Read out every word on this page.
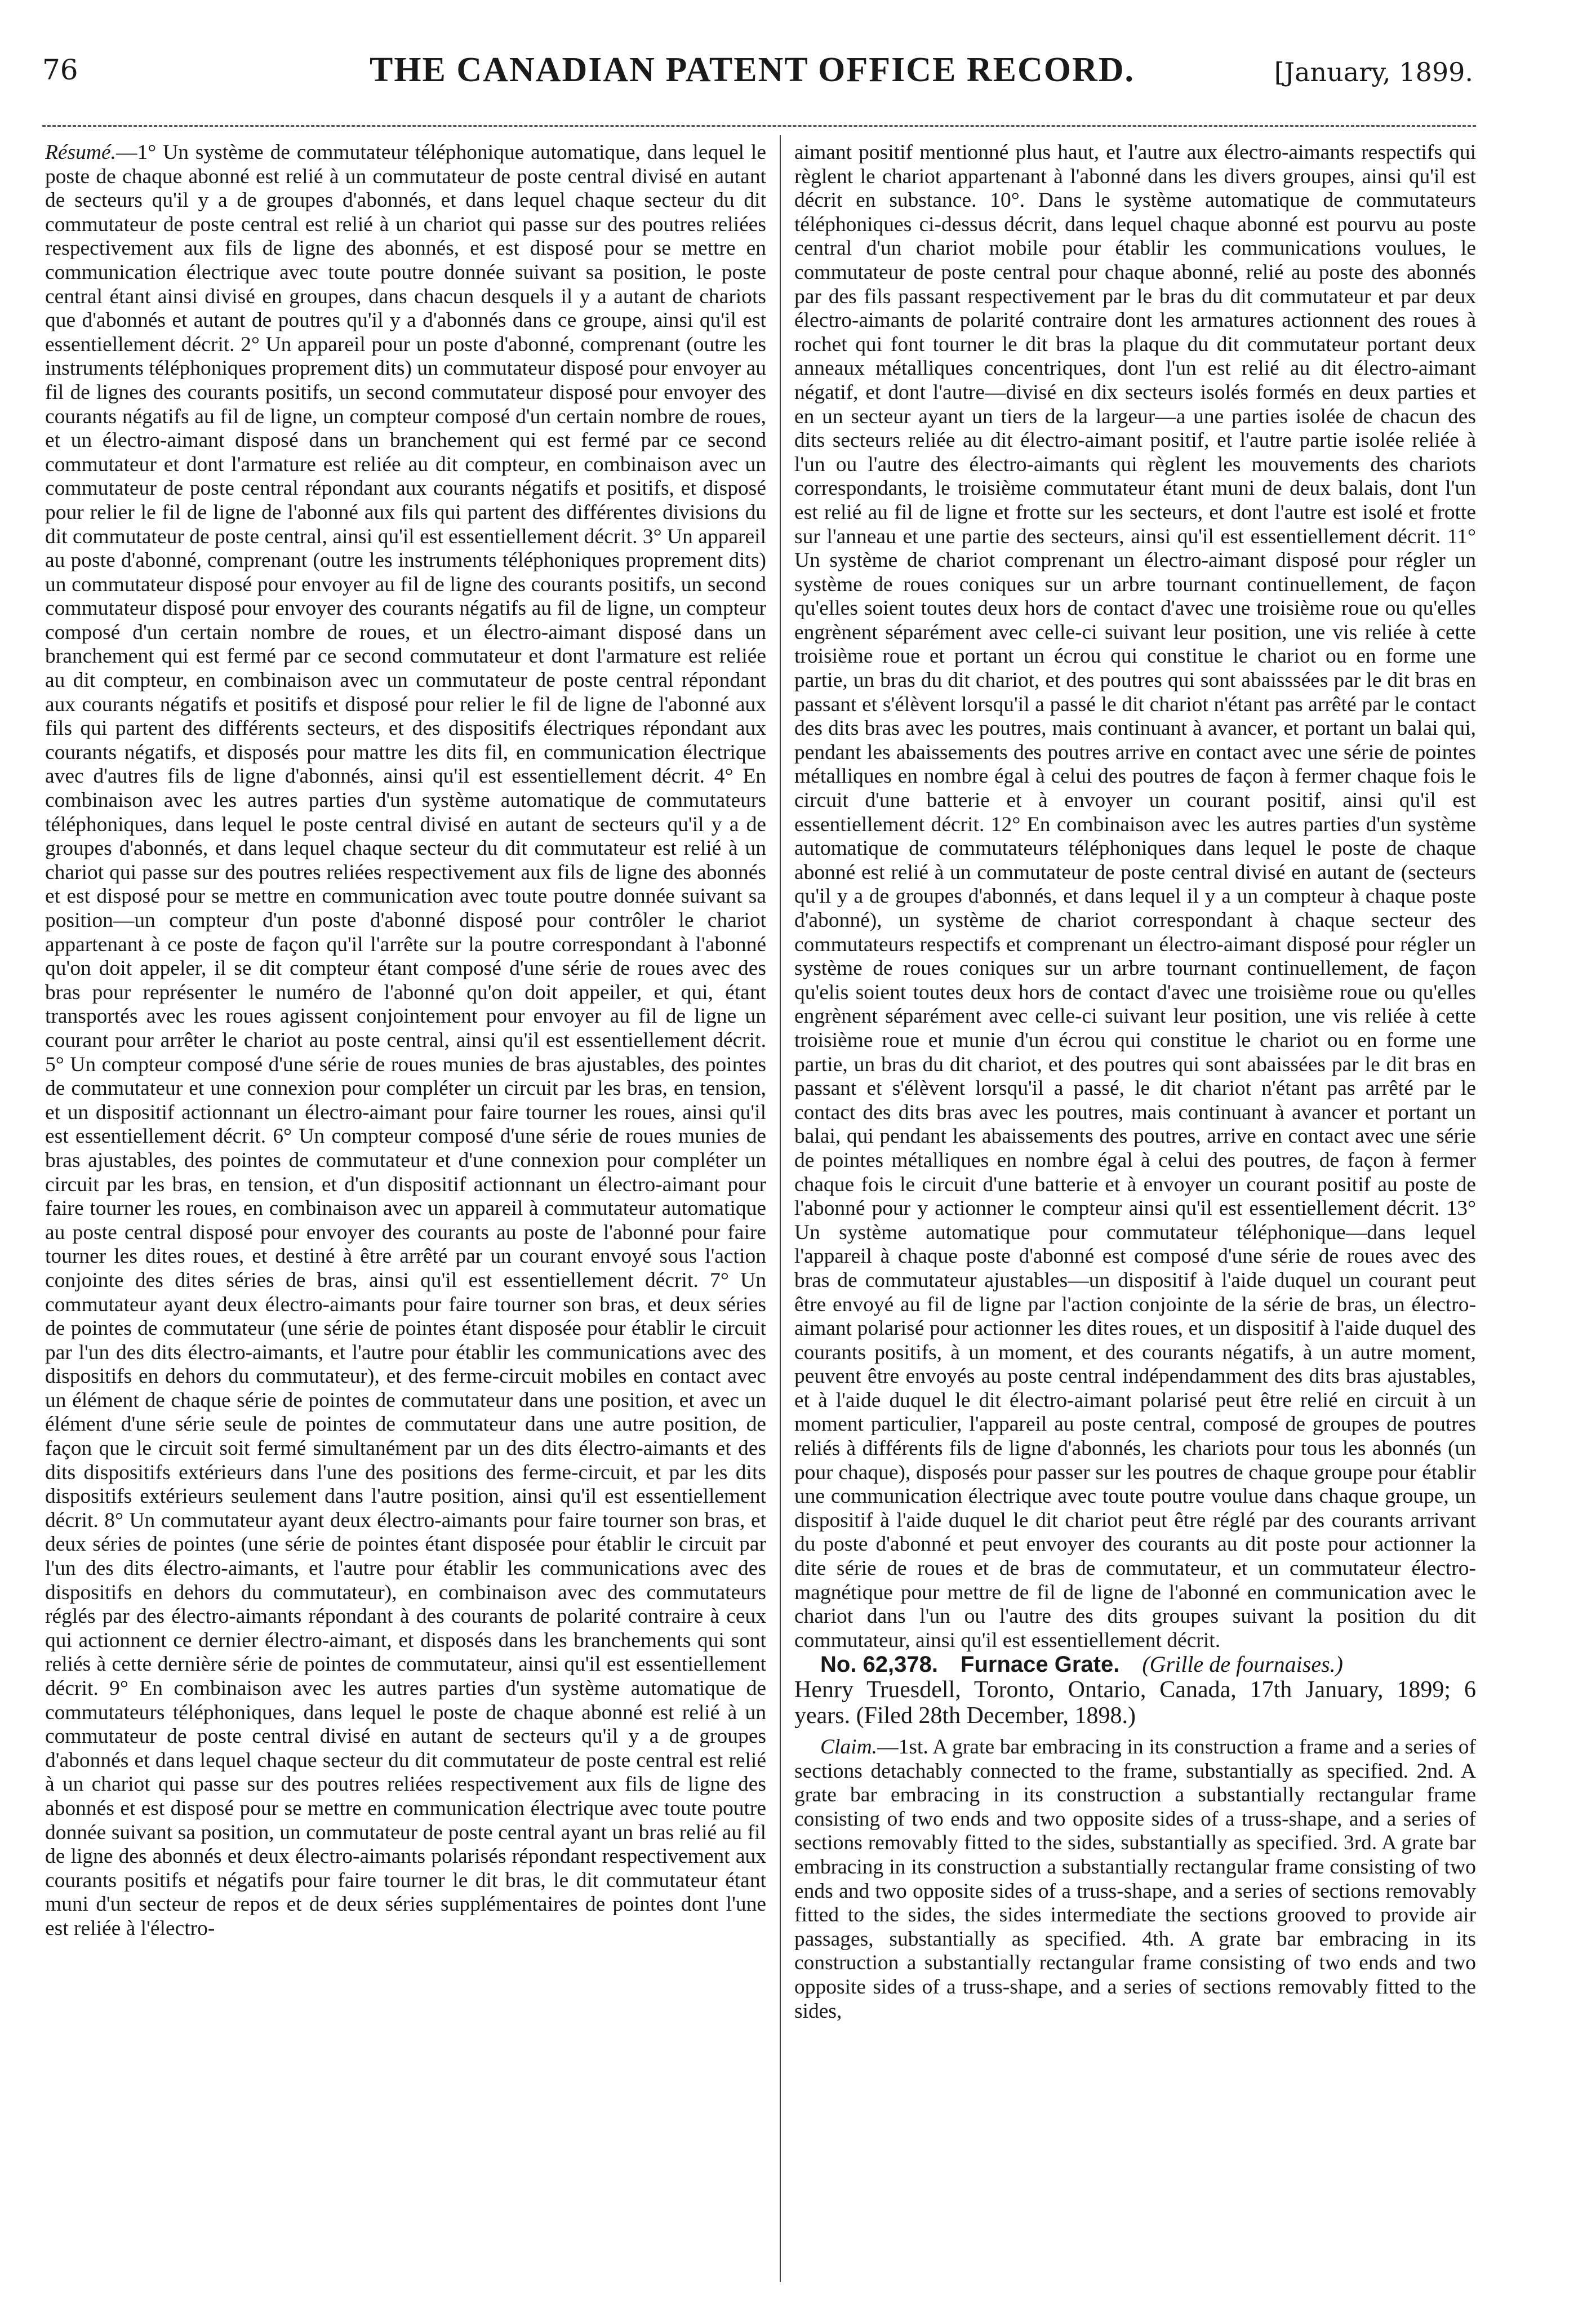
76	THE CANADIAN PATENT OFFICE RECORD.	[January, 1899.

Résumé.—1° Un système de commutateur téléphonique automatique, dans lequel le poste de chaque abonné est relié à un commutateur de poste central divisé en autant de secteurs qu'il y a de groupes d'abonnés, et dans lequel chaque secteur du dit commutateur de poste central est relié à un chariot qui passe sur des poutres reliées respectivement aux fils de ligne des abonnés, et est disposé pour se mettre en communication électrique avec toute poutre donnée suivant sa position, le poste central étant ainsi divisé en groupes, dans chacun desquels il y a autant de chariots que d'abonnés et autant de poutres qu'il y a d'abonnés dans ce groupe, ainsi qu'il est essentiellement décrit. 2° Un appareil pour un poste d'abonné, comprenant (outre les instruments téléphoniques proprement dits) un commutateur disposé pour envoyer au fil de lignes des courants positifs, un second commutateur disposé pour envoyer des courants négatifs au fil de ligne, un compteur composé d'un certain nombre de roues, et un électro-aimant disposé dans un branchement qui est fermé par ce second commutateur et dont l'armature est reliée au dit compteur, en combinaison avec un commutateur de poste central répondant aux courants négatifs et positifs, et disposé pour relier le fil de ligne de l'abonné aux fils qui partent des différentes divisions du dit commutateur de poste central, ainsi qu'il est essentiellement décrit. 3° Un appareil au poste d'abonné, comprenant (outre les instruments téléphoniques proprement dits) un commutateur disposé pour envoyer au fil de ligne des courants positifs, un second commutateur disposé pour envoyer des courants négatifs au fil de ligne, un compteur composé d'un certain nombre de roues, et un électro-aimant disposé dans un branchement qui est fermé par ce second commutateur et dont l'armature est reliée au dit compteur, en combinaison avec un commutateur de poste central répondant aux courants négatifs et positifs et disposé pour relier le fil de ligne de l'abonné aux fils qui partent des différents secteurs, et des dispositifs électriques répondant aux courants négatifs, et disposés pour mattre les dits fil, en communication électrique avec d'autres fils de ligne d'abonnés, ainsi qu'il est essentiellement décrit. 4° En combinaison avec les autres parties d'un système automatique de commutateurs téléphoniques, dans lequel le poste central divisé en autant de secteurs qu'il y a de groupes d'abonnés, et dans lequel chaque secteur du dit commutateur est relié à un chariot qui passe sur des poutres reliées respectivement aux fils de ligne des abonnés et est disposé pour se mettre en communication avec toute poutre donnée suivant sa position—un compteur d'un poste d'abonné disposé pour contrôler le chariot appartenant à ce poste de façon qu'il l'arrête sur la poutre correspondant à l'abonné qu'on doit appeler, il se dit compteur étant composé d'une série de roues avec des bras pour représenter le numéro de l'abonné qu'on doit appeiler, et qui, étant transportés avec les roues agissent conjointement pour envoyer au fil de ligne un courant pour arrêter le chariot au poste central, ainsi qu'il est essentiellement décrit. 5° Un compteur composé d'une série de roues munies de bras ajustables, des pointes de commutateur et une connexion pour compléter un circuit par les bras, en tension, et un dispositif actionnant un électro-aimant pour faire tourner les roues, ainsi qu'il est essentiellement décrit. 6° Un compteur composé d'une série de roues munies de bras ajustables, des pointes de commutateur et d'une connexion pour compléter un circuit par les bras, en tension, et d'un dispositif actionnant un électro-aimant pour faire tourner les roues, en combinaison avec un appareil à commutateur automatique au poste central disposé pour envoyer des courants au poste de l'abonné pour faire tourner les dites roues, et destiné à être arrêté par un courant envoyé sous l'action conjointe des dites séries de bras, ainsi qu'il est essentiellement décrit. 7° Un commutateur ayant deux électro-aimants pour faire tourner son bras, et deux séries de pointes de commutateur (une série de pointes étant disposée pour établir le circuit par l'un des dits électro-aimants, et l'autre pour établir les communications avec des dispositifs en dehors du commutateur), et des ferme-circuit mobiles en contact avec un élément de chaque série de pointes de commutateur dans une position, et avec un élément d'une série seule de pointes de commutateur dans une autre position, de façon que le circuit soit fermé simultanément par un des dits électro-aimants et des dits dispositifs extérieurs dans l'une des positions des ferme-circuit, et par les dits dispositifs extérieurs seulement dans l'autre position, ainsi qu'il est essentiellement décrit. 8° Un commutateur ayant deux électro-aimants pour faire tourner son bras, et deux séries de pointes (une série de pointes étant disposée pour établir le circuit par l'un des dits électro-aimants, et l'autre pour établir les communications avec des dispositifs en dehors du commutateur), en combinaison avec des commutateurs réglés par des électro-aimants répondant à des courants de polarité contraire à ceux qui actionnent ce dernier électro-aimant, et disposés dans les branchements qui sont reliés à cette dernière série de pointes de commutateur, ainsi qu'il est essentiellement décrit. 9° En combinaison avec les autres parties d'un système automatique de commutateurs téléphoniques, dans lequel le poste de chaque abonné est relié à un commutateur de poste central divisé en autant de secteurs qu'il y a de groupes d'abonnés et dans lequel chaque secteur du dit commutateur de poste central est relié à un chariot qui passe sur des poutres reliées respectivement aux fils de ligne des abonnés et est disposé pour se mettre en communication électrique avec toute poutre donnée suivant sa position, un commutateur de poste central ayant un bras relié au fil de ligne des abonnés et deux électro-aimants polarisés répondant respectivement aux courants positifs et négatifs pour faire tourner le dit bras, le dit commutateur étant muni d'un secteur de repos et de deux séries supplémentaires de pointes dont l'une est reliée à l'électro-

aimant positif mentionné plus haut, et l'autre aux électro-aimants respectifs qui règlent le chariot appartenant à l'abonné dans les divers groupes, ainsi qu'il est décrit en substance. 10°. Dans le système automatique de commutateurs téléphoniques ci-dessus décrit, dans lequel chaque abonné est pourvu au poste central d'un chariot mobile pour établir les communications voulues, le commutateur de poste central pour chaque abonné, relié au poste des abonnés par des fils passant respectivement par le bras du dit commutateur et par deux électro-aimants de polarité contraire dont les armatures actionnent des roues à rochet qui font tourner le dit bras la plaque du dit commutateur portant deux anneaux métalliques concentriques, dont l'un est relié au dit électro-aimant négatif, et dont l'autre—divisé en dix secteurs isolés formés en deux parties et en un secteur ayant un tiers de la largeur—a une parties isolée de chacun des dits secteurs reliée au dit électro-aimant positif, et l'autre partie isolée reliée à l'un ou l'autre des électro-aimants qui règlent les mouvements des chariots correspondants, le troisième commutateur étant muni de deux balais, dont l'un est relié au fil de ligne et frotte sur les secteurs, et dont l'autre est isolé et frotte sur l'anneau et une partie des secteurs, ainsi qu'il est essentiellement décrit. 11° Un système de chariot comprenant un électro-aimant disposé pour régler un système de roues coniques sur un arbre tournant continuellement, de façon qu'elles soient toutes deux hors de contact d'avec une troisième roue ou qu'elles engrènent séparément avec celle-ci suivant leur position, une vis reliée à cette troisième roue et portant un écrou qui constitue le chariot ou en forme une partie, un bras du dit chariot, et des poutres qui sont abaisssées par le dit bras en passant et s'élèvent lorsqu'il a passé le dit chariot n'étant pas arrêté par le contact des dits bras avec les poutres, mais continuant à avancer, et portant un balai qui, pendant les abaissements des poutres arrive en contact avec une série de pointes métalliques en nombre égal à celui des poutres de façon à fermer chaque fois le circuit d'une batterie et à envoyer un courant positif, ainsi qu'il est essentiellement décrit. 12° En combinaison avec les autres parties d'un système automatique de commutateurs téléphoniques dans lequel le poste de chaque abonné est relié à un commutateur de poste central divisé en autant de (secteurs qu'il y a de groupes d'abonnés, et dans lequel il y a un compteur à chaque poste d'abonné), un système de chariot correspondant à chaque secteur des commutateurs respectifs et comprenant un électro-aimant disposé pour régler un système de roues coniques sur un arbre tournant continuellement, de façon qu'elis soient toutes deux hors de contact d'avec une troisième roue ou qu'elles engrènent séparément avec celle-ci suivant leur position, une vis reliée à cette troisième roue et munie d'un écrou qui constitue le chariot ou en forme une partie, un bras du dit chariot, et des poutres qui sont abaissées par le dit bras en passant et s'élèvent lorsqu'il a passé, le dit chariot n'étant pas arrêté par le contact des dits bras avec les poutres, mais continuant à avancer et portant un balai, qui pendant les abaissements des poutres, arrive en contact avec une série de pointes métalliques en nombre égal à celui des poutres, de façon à fermer chaque fois le circuit d'une batterie et à envoyer un courant positif au poste de l'abonné pour y actionner le compteur ainsi qu'il est essentiellement décrit. 13° Un système automatique pour commutateur téléphonique—dans lequel l'appareil à chaque poste d'abonné est composé d'une série de roues avec des bras de commutateur ajustables—un dispositif à l'aide duquel un courant peut être envoyé au fil de ligne par l'action conjointe de la série de bras, un électro-aimant polarisé pour actionner les dites roues, et un dispositif à l'aide duquel des courants positifs, à un moment, et des courants négatifs, à un autre moment, peuvent être envoyés au poste central indépendamment des dits bras ajustables, et à l'aide duquel le dit électro-aimant polarisé peut être relié en circuit à un moment particulier, l'appareil au poste central, composé de groupes de poutres reliés à différents fils de ligne d'abonnés, les chariots pour tous les abonnés (un pour chaque), disposés pour passer sur les poutres de chaque groupe pour établir une communication électrique avec toute poutre voulue dans chaque groupe, un dispositif à l'aide duquel le dit chariot peut être réglé par des courants arrivant du poste d'abonné et peut envoyer des courants au dit poste pour actionner la dite série de roues et de bras de commutateur, et un commutateur électro-magnétique pour mettre de fil de ligne de l'abonné en communication avec le chariot dans l'un ou l'autre des dits groupes suivant la position du dit commutateur, ainsi qu'il est essentiellement décrit.

No. 62,378. Furnace Grate. (Grille de fournaises.)

Henry Truesdell, Toronto, Ontario, Canada, 17th January, 1899; 6 years. (Filed 28th December, 1898.)

Claim.—1st. A grate bar embracing in its construction a frame and a series of sections detachably connected to the frame, substantially as specified. 2nd. A grate bar embracing in its construction a substantially rectangular frame consisting of two ends and two opposite sides of a truss-shape, and a series of sections removably fitted to the sides, substantially as specified. 3rd. A grate bar embracing in its construction a substantially rectangular frame consisting of two ends and two opposite sides of a truss-shape, and a series of sections removably fitted to the sides, the sides intermediate the sections grooved to provide air passages, substantially as specified. 4th. A grate bar embracing in its construction a substantially rectangular frame consisting of two ends and two opposite sides of a truss-shape, and a series of sections removably fitted to the sides,
